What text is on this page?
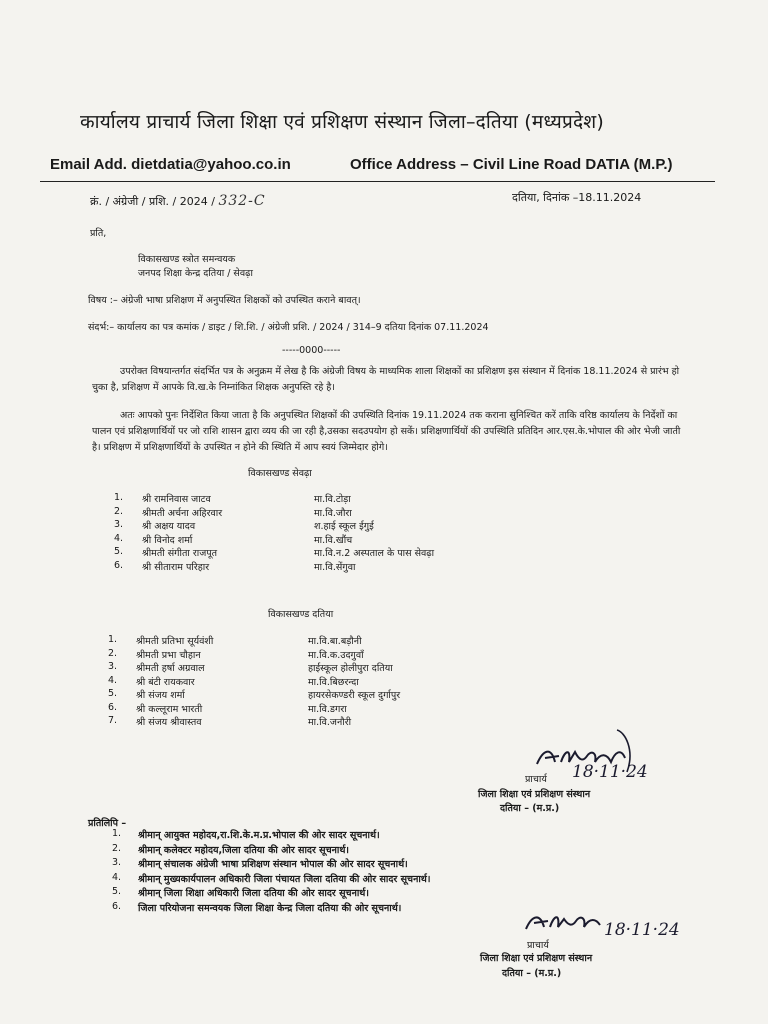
कार्यालय प्राचार्य जिला शिक्षा एवं प्रशिक्षण संस्थान जिला–दतिया (मध्यप्रदेश)
Email Add. dietdatia@yahoo.co.in	Office Address – Civil Line Road DATIA (M.P.)
क्रं. / अंग्रेजी / प्रशि. / 2024 / 332-C	दतिया, दिनांक –18.11.2024
प्रति,
विकासखण्ड स्त्रोत समन्वयक
जनपद शिक्षा केन्द्र दतिया / सेवढ़ा
विषय :– अंग्रेजी भाषा प्रशिक्षण में अनुपस्थित शिक्षकों को उपस्थित कराने बावत्।
संदर्भ:– कार्यालय का पत्र कमांक / डाइट / शि.शि. / अंग्रेजी प्रशि. / 2024 / 314–9 दतिया दिनांक 07.11.2024
-----0000-----
उपरोक्त विषयान्तर्गत संदर्भित पत्र के अनुक्रम में लेख है कि अंग्रेजी विषय के माध्यमिक शाला शिक्षकों का प्रशिक्षण इस संस्थान में दिनांक 18.11.2024 से प्रारंभ हो चुका है, प्रशिक्षण में आपके वि.ख.के निम्नांकित शिक्षक अनुपस्ति रहे है।
अतः आपको पुनः निर्देशित किया जाता है कि अनुपस्थित शिक्षकों की उपस्थिति दिनांक 19.11.2024 तक कराना सुनिश्चित करें ताकि वरिष्ठ कार्यालय के निर्देशों का पालन एवं प्रशिक्षणार्थियों पर जो राशि शासन द्वारा व्यय की जा रही है,उसका सदउपयोग हो सकें। प्रशिक्षणार्थियों की उपस्थिति प्रतिदिन आर.एस.के.भोपाल की ओर भेजी जाती है। प्रशिक्षण में प्रशिक्षणार्थियों के उपस्थित न होने की स्थिति में आप स्वयं जिम्मेदार होगे।
विकासखण्ड सेवढ़ा
1. श्री रामनिवास जाटव	मा.वि.टोड़ा
2. श्रीमती अर्चना अहिरवार	मा.वि.जौरा
3. श्री अक्षय यादव	श.हाई स्कूल ईगुई
4. श्री विनोद शर्मा	मा.वि.खौंच
5. श्रीमती संगीता राजपूत	मा.वि.न.2 अस्पताल के पास सेवढ़ा
6. श्री सीताराम परिहार	मा.वि.सेंगुवा
विकासखण्ड दतिया
1. श्रीमती प्रतिभा सूर्यवंशी	मा.वि.बा.बड़ौनी
2. श्रीमती प्रभा चौहान	मा.वि.क.उदगुवाँ
3. श्रीमती हर्षा अग्रवाल	हाईस्कूल होलीपुरा दतिया
4. श्री बंटी रायकवार	मा.वि.बिछरन्दा
5. श्री संजय शर्मा	हायरसेकण्डरी स्कूल दुर्गापुर
6. श्री कल्लूराम भारती	मा.वि.डगरा
7. श्री संजय श्रीवास्तव	मा.वि.जनौरी
18·11·24
प्राचार्य
जिला शिक्षा एवं प्रशिक्षण संस्थान
दतिया – (म.प्र.)
प्रतिलिपि –
1. श्रीमान् आयुक्त महोदय,रा.शि.के.म.प्र.भोपाल की ओर सादर सूचनार्थ।
2. श्रीमान् कलेक्टर महोदय,जिला दतिया की ओर सादर सूचनार्थ।
3. श्रीमान् संचालक अंग्रेजी भाषा प्रशिक्षण संस्थान भोपाल की ओर सादर सूचनार्थ।
4. श्रीमान् मुख्यकार्यपालन अधिकारी जिला पंचायत जिला दतिया की ओर सादर सूचनार्थ।
5. श्रीमान् जिला शिक्षा अधिकारी जिला दतिया की ओर सादर सूचनार्थ।
6. जिला परियोजना समन्वयक जिला शिक्षा केन्द्र जिला दतिया की ओर सूचनार्थ।
18·11·24
प्राचार्य
जिला शिक्षा एवं प्रशिक्षण संस्थान
दतिया – (म.प्र.)
